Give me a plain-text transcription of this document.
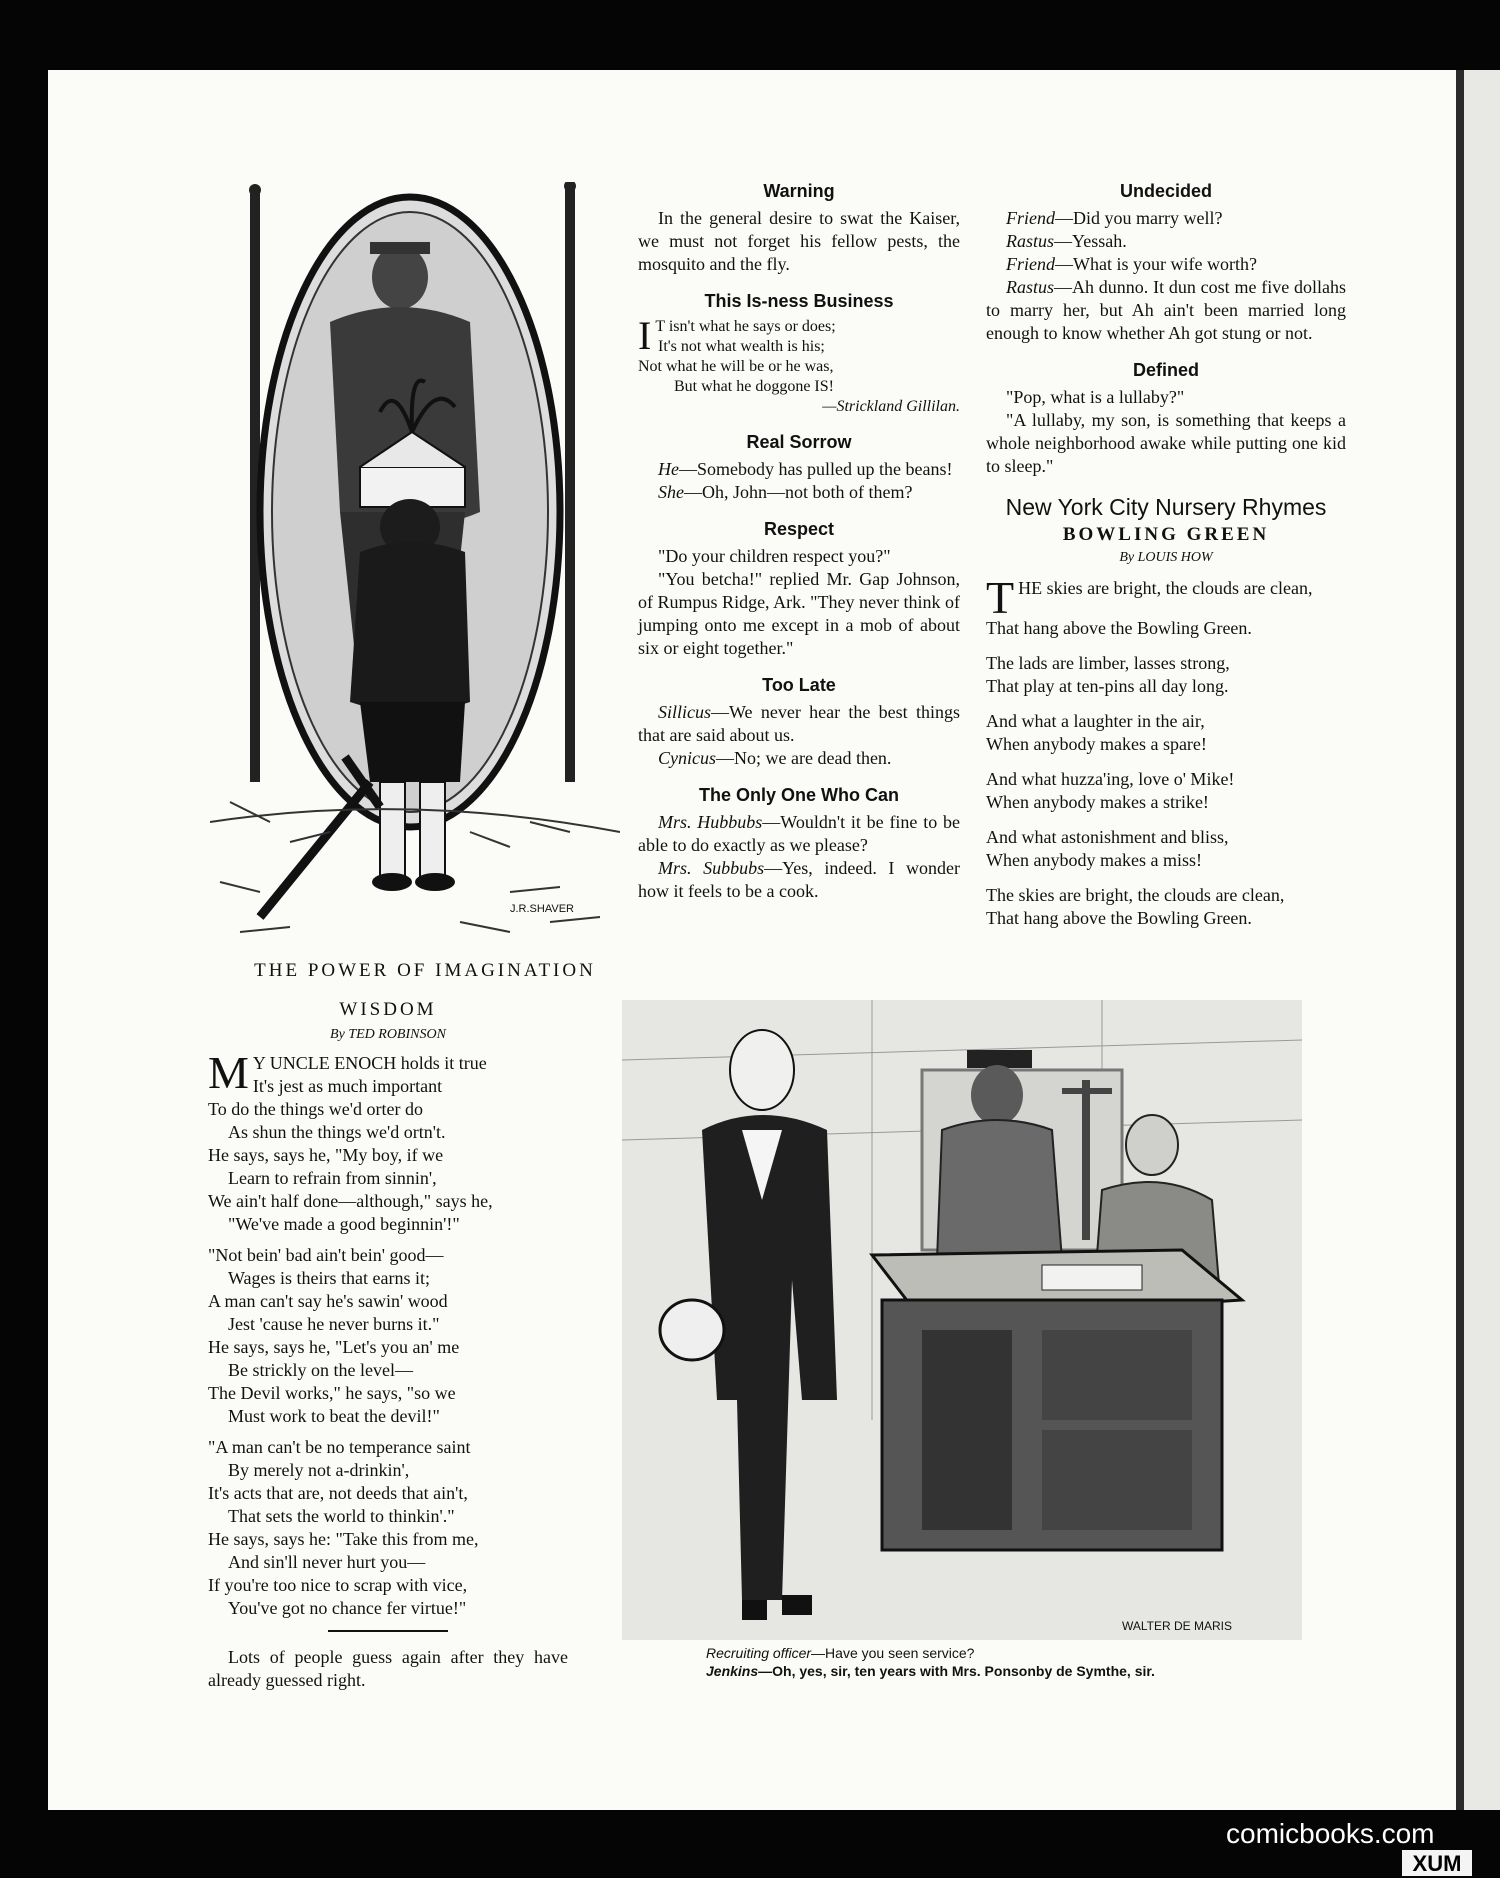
J.R.SHAVER
THE POWER OF IMAGINATION
WISDOM
By TED ROBINSON
M Y UNCLE ENOCH holds it true
It's jest as much important
To do the things we'd orter do
As shun the things we'd ortn't.
He says, says he, "My boy, if we
Learn to refrain from sinnin',
We ain't half done—although," says he,
"We've made a good beginnin'!"
"Not bein' bad ain't bein' good—
Wages is theirs that earns it;
A man can't say he's sawin' wood
Jest 'cause he never burns it."
He says, says he, "Let's you an' me
Be strickly on the level—
The Devil works," he says, "so we
Must work to beat the devil!"
"A man can't be no temperance saint
By merely not a-drinkin',
It's acts that are, not deeds that ain't,
That sets the world to thinkin'."
He says, says he: "Take this from me,
And sin'll never hurt you—
If you're too nice to scrap with vice,
You've got no chance fer virtue!"

Lots of people guess again after they have already guessed right.

Warning

In the general desire to swat the Kaiser, we must not forget his fellow pests, the mosquito and the fly.

This Is-ness Business
I T isn't what he says or does;
It's not what wealth is his;
Not what he will be or he was,
But what he doggone IS!
—Strickland Gillilan.
Real Sorrow

He—Somebody has pulled up the beans!

She—Oh, John—not both of them?

Respect

"Do your children respect you?"

"You betcha!" replied Mr. Gap Johnson, of Rumpus Ridge, Ark. "They never think of jumping onto me except in a mob of about six or eight together."

Too Late

Sillicus—We never hear the best things that are said about us.

Cynicus—No; we are dead then.

The Only One Who Can

Mrs. Hubbubs—Wouldn't it be fine to be able to do exactly as we please?

Mrs. Subbubs—Yes, indeed. I wonder how it feels to be a cook.

Undecided

Friend—Did you marry well?

Rastus—Yessah.

Friend—What is your wife worth?

Rastus—Ah dunno. It dun cost me five dollahs to marry her, but Ah ain't been married long enough to know whether Ah got stung or not.

Defined

"Pop, what is a lullaby?"

"A lullaby, my son, is something that keeps a whole neighborhood awake while putting one kid to sleep."

New York City Nursery Rhymes
BOWLING GREEN
By LOUIS HOW
T HE skies are bright, the clouds are clean,

That hang above the Bowling Green.

The lads are limber, lasses strong,
That play at ten-pins all day long.
And what a laughter in the air,
When anybody makes a spare!
And what huzza'ing, love o' Mike!
When anybody makes a strike!
And what astonishment and bliss,
When anybody makes a miss!
The skies are bright, the clouds are clean,
That hang above the Bowling Green.
WALTER DE MARIS
Recruiting officer—Have you seen service?
Jenkins—Oh, yes, sir, ten years with Mrs. Ponsonby de Symthe, sir.
comicbooks.com
XUM
